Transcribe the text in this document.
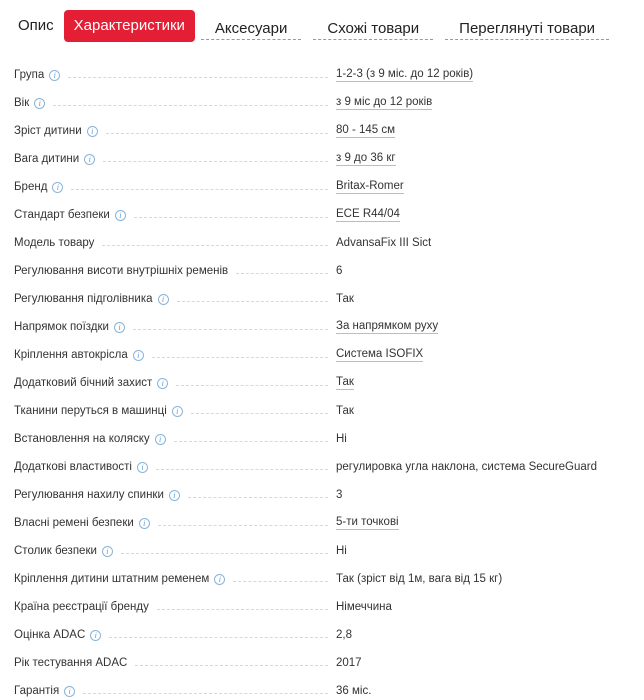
Опис	Характеристики	Аксесуари	Схожі товари	Переглянуті товари
Група	i	1-2-3 (з 9 міс. до 12 років)
Вік	i	з 9 міс до 12 років
Зріст дитини	i	80 - 145 см
Вага дитини	i	з 9 до 36 кг
Бренд	i	Britax-Romer
Стандарт безпеки	i	ECE R44/04
Модель товару	AdvansaFix III Sict
Регулювання висоти внутрішніх ременів	6
Регулювання підголівника	i	Так
Напрямок поїздки	i	За напрямком руху
Кріплення автокрісла	i	Система ISOFIX
Додатковий бічний захист	i	Так
Тканини перуться в машинці	i	Так
Встановлення на коляску	i	Ні
Додаткові властивості	i	регулировка угла наклона, система SecureGuard
Регулювання нахилу спинки	i	3
Власні ремені безпеки	i	5-ти точкові
Столик безпеки	i	Ні
Кріплення дитини штатним ременем	i	Так (зріст від 1м, вага від 15 кг)
Країна реєстрації бренду	Німеччина
Оцінка ADAC	i	2,8
Рік тестування ADAC	2017
Гарантія	i	36 міс.
